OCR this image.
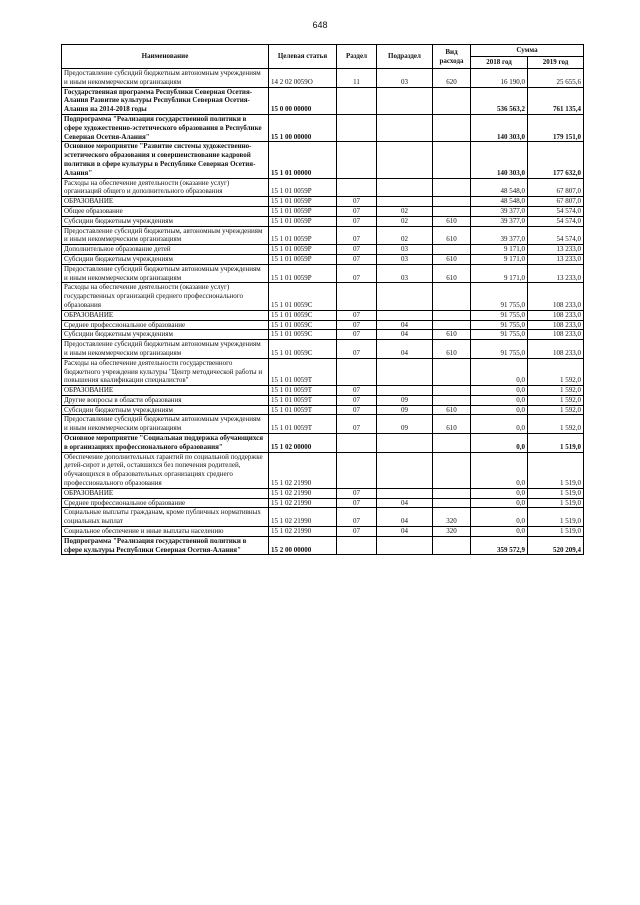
648
Наименование	Целевая статья	Раздел	Подраздел	Вид расхода	Сумма	
					2018 год	2019 год
Предоставление субсидий бюджетным автономным учреждениям и иным некоммерческим организациям	14 2 02 0059О	11	03	620	16 190,0	25 655,6
Государственная программа Республики Северная Осетия-Алания Развитие культуры Республики Северная Осетия-Алания на 2014-2018 годы	15 0 00 00000				536 563,2	761 135,4
Подпрограмма "Реализация государственной политики в сфере художественно-эстетического образования в Республике Северная Осетия-Алания"	15 1 00 00000				140 303,0	179 151,0
Основное мероприятие "Развитие системы художественно-эстетического образования и совершенствование кадровой политики в сфере культуры в Республике Северная Осетия-Алания"	15 1 01 00000				140 303,0	177 632,0
Расходы на обеспечение деятельности (оказание услуг) организаций общего и дополнительного образования	15 1 01 0059Р				48 548,0	67 807,0
ОБРАЗОВАНИЕ	15 1 01 0059Р	07			48 548,0	67 807,0
Общее образование	15 1 01 0059Р	07	02		39 377,0	54 574,0
Субсидии бюджетным учреждениям	15 1 01 0059Р	07	02	610	39 377,0	54 574,0
Предоставление субсидий бюджетным, автономным учреждениям и иным некоммерческим организациям	15 1 01 0059Р	07	02	610	39 377,0	54 574,0
Дополнительное образование детей	15 1 01 0059Р	07	03		9 171,0	13 233,0
Субсидии бюджетным учреждениям	15 1 01 0059Р	07	03	610	9 171,0	13 233,0
Предоставление субсидий бюджетным автономным учреждениям и иным некоммерческим организациям	15 1 01 0059Р	07	03	610	9 171,0	13 233,0
Расходы на обеспечение деятельности (оказание услуг) государственных организаций среднего профессионального образования	15 1 01 0059С				91 755,0	108 233,0
ОБРАЗОВАНИЕ	15 1 01 0059С	07			91 755,0	108 233,0
Среднее профессиональное образование	15 1 01 0059С	07	04		91 755,0	108 233,0
Субсидии бюджетным учреждениям	15 1 01 0059С	07	04	610	91 755,0	108 233,0
Предоставление субсидий бюджетным автономным учреждениям и иным некоммерческим организациям	15 1 01 0059С	07	04	610	91 755,0	108 233,0
Расходы на обеспечение деятельности государственного бюджетного учреждения культуры "Центр методической работы и повышения квалификации специалистов"	15 1 01 0059Т				0,0	1 592,0
ОБРАЗОВАНИЕ	15 1 01 0059Т	07			0,0	1 592,0
Другие вопросы в области образования	15 1 01 0059Т	07	09		0,0	1 592,0
Субсидии бюджетным учреждениям	15 1 01 0059Т	07	09	610	0,0	1 592,0
Предоставление субсидий бюджетным автономным учреждениям и иным некоммерческим организациям	15 1 01 0059Т	07	09	610	0,0	1 592,0
Основное мероприятие "Социальная поддержка обучающихся в организациях профессионального образования"	15 1 02 00000				0,0	1 519,0
Обеспечение дополнительных гарантий по социальной поддержке детей-сирот и детей, оставшихся без попечения родителей, обучающихся в образовательных организациях среднего профессионального образования	15 1 02 21990				0,0	1 519,0
ОБРАЗОВАНИЕ	15 1 02 21990	07			0,0	1 519,0
Среднее профессиональное образование	15 1 02 21990	07	04		0,0	1 519,0
Социальные выплаты гражданам, кроме публичных нормативных социальных выплат	15 1 02 21990	07	04	320	0,0	1 519,0
Социальное обеспечение и иные выплаты населению	15 1 02 21990	07	04	320	0,0	1 519,0
Подпрограмма "Реализация государственной политики в сфере культуры Республики Северная Осетия-Алания"	15 2 00 00000				359 572,9	520 209,4
